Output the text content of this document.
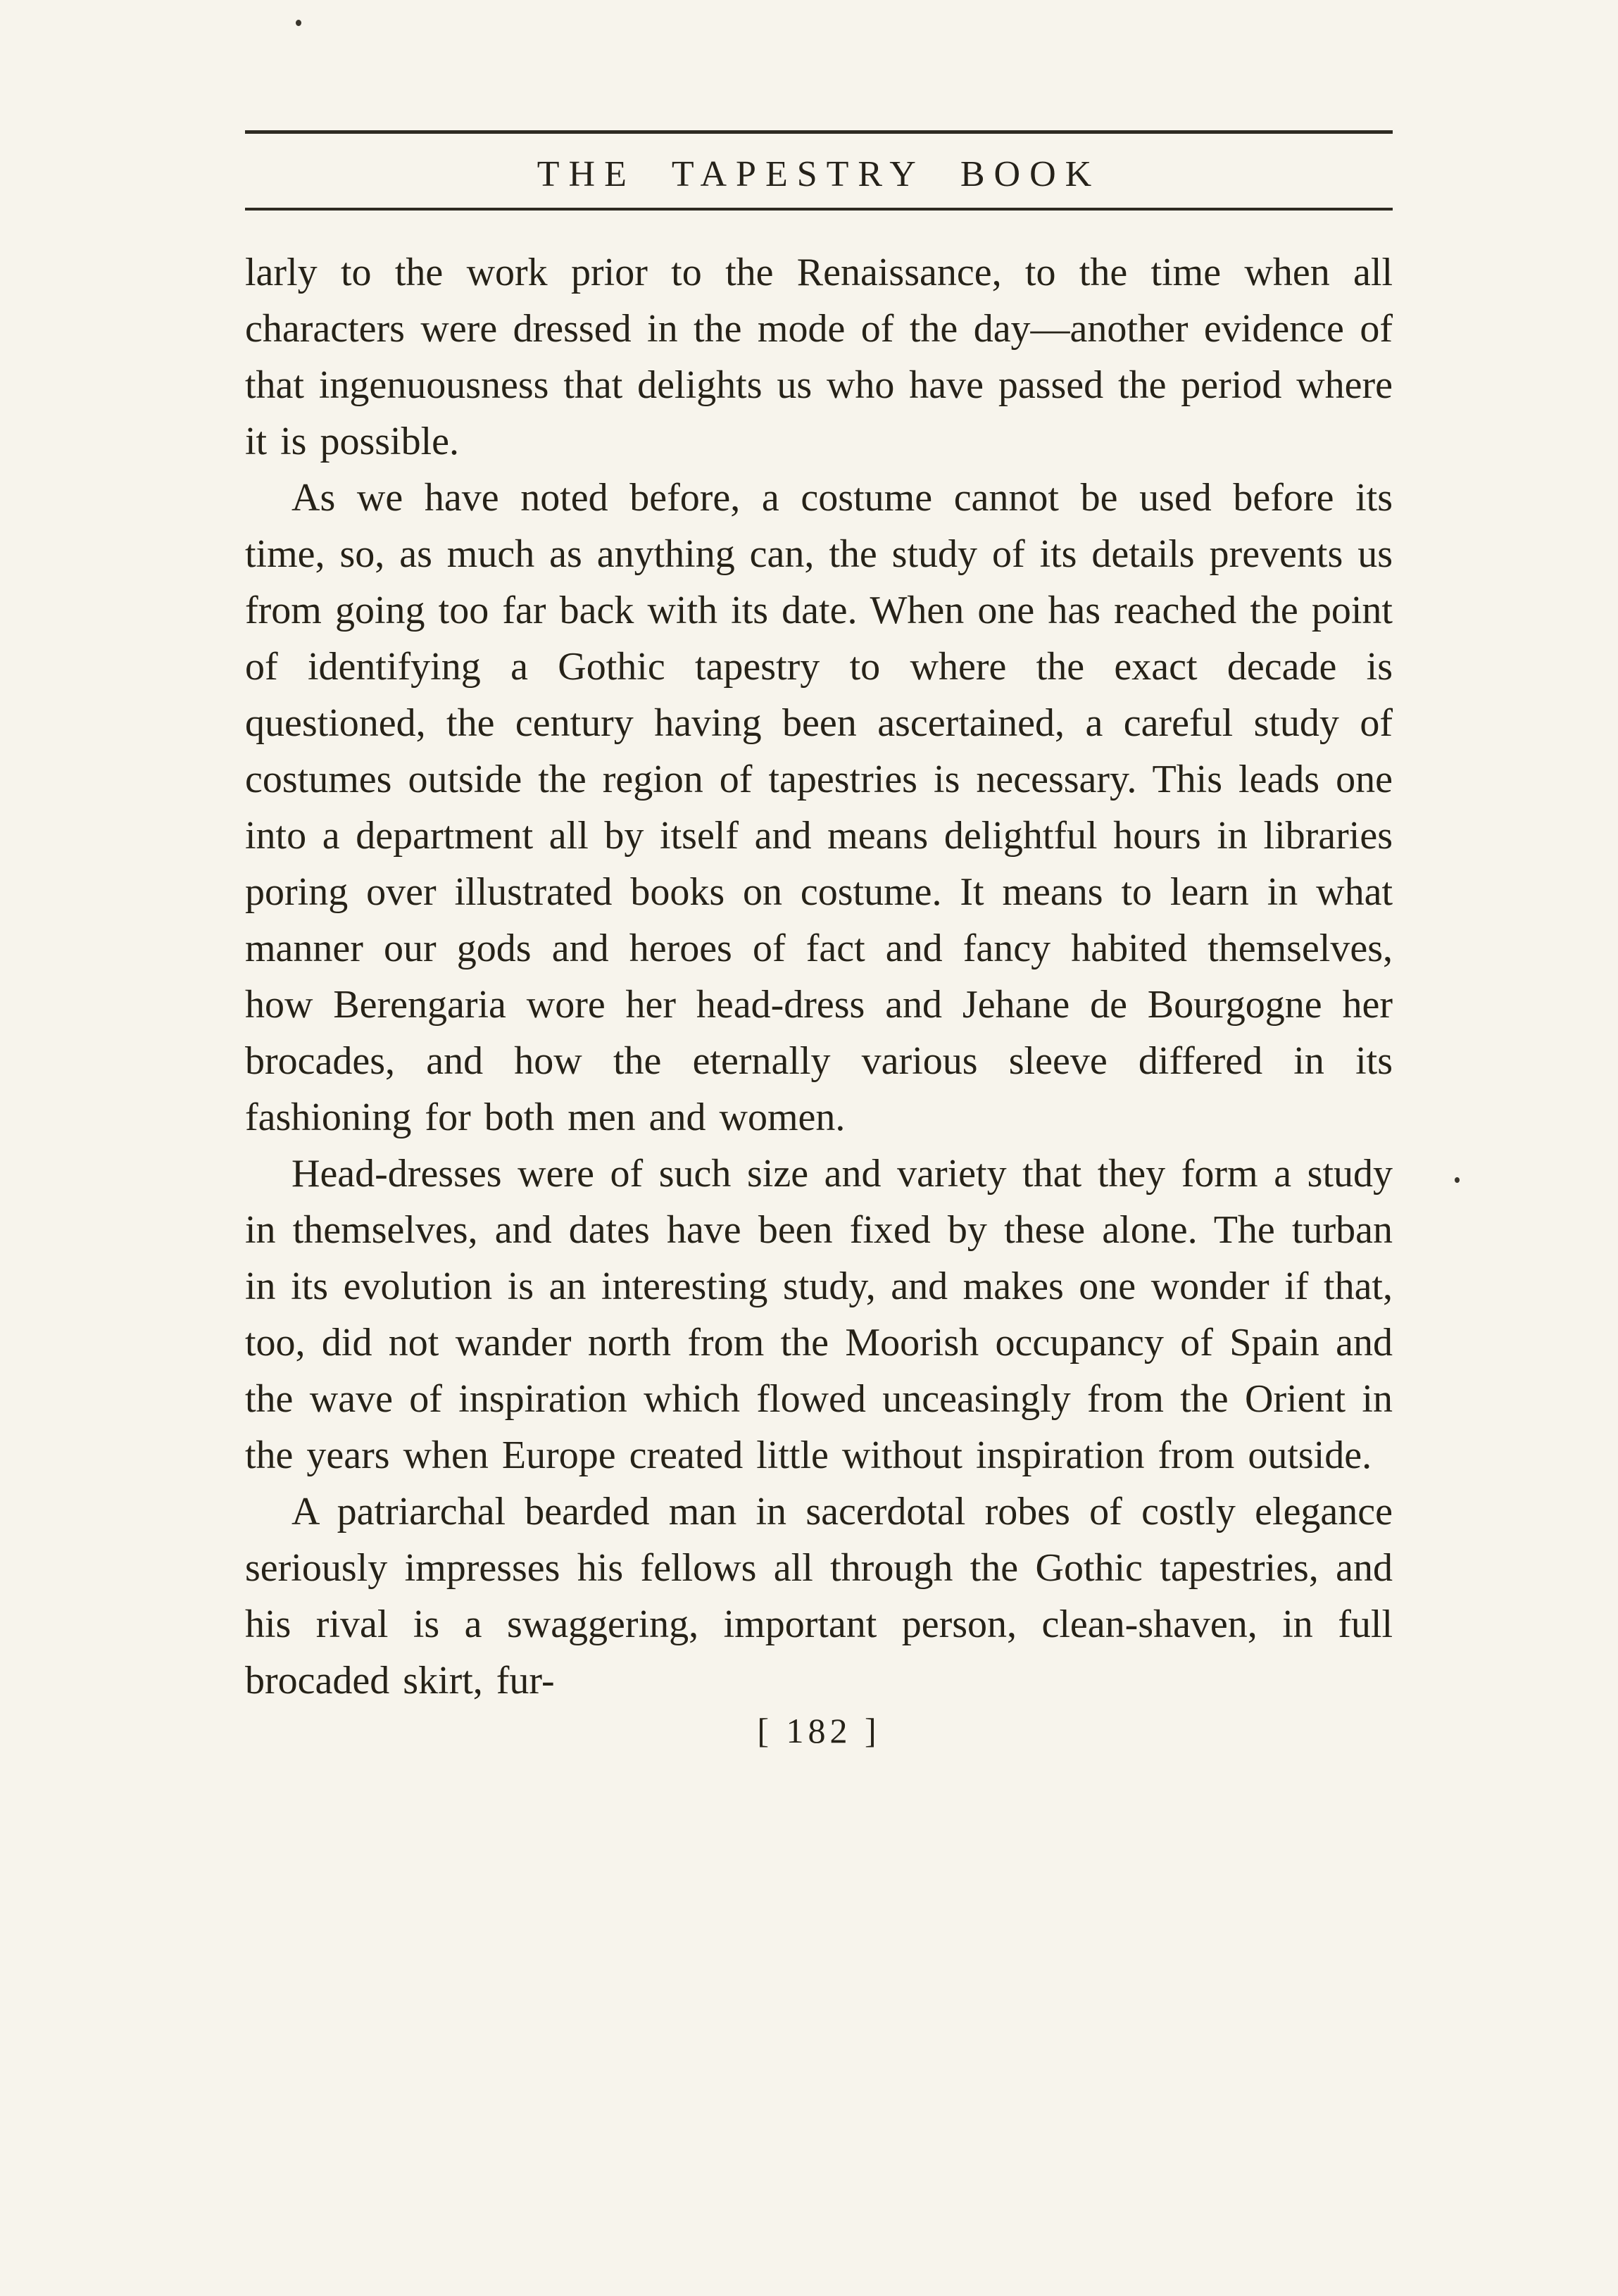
THE TAPESTRY BOOK

larly to the work prior to the Renaissance, to the time when all characters were dressed in the mode of the day—another evidence of that ingenuousness that delights us who have passed the period where it is possible.

As we have noted before, a costume cannot be used before its time, so, as much as anything can, the study of its details prevents us from going too far back with its date. When one has reached the point of identifying a Gothic tapestry to where the exact decade is questioned, the century having been ascertained, a careful study of costumes outside the region of tapestries is necessary. This leads one into a department all by itself and means delightful hours in libraries poring over illustrated books on costume. It means to learn in what manner our gods and heroes of fact and fancy habited themselves, how Berengaria wore her head-dress and Jehane de Bourgogne her brocades, and how the eternally various sleeve differed in its fashioning for both men and women.

Head-dresses were of such size and variety that they form a study in themselves, and dates have been fixed by these alone. The turban in its evolution is an interesting study, and makes one wonder if that, too, did not wander north from the Moorish occupancy of Spain and the wave of inspiration which flowed unceasingly from the Orient in the years when Europe created little without inspiration from outside.

A patriarchal bearded man in sacerdotal robes of costly elegance seriously impresses his fellows all through the Gothic tapestries, and his rival is a swaggering, important person, clean-shaven, in full brocaded skirt, fur-

[ 182 ]
